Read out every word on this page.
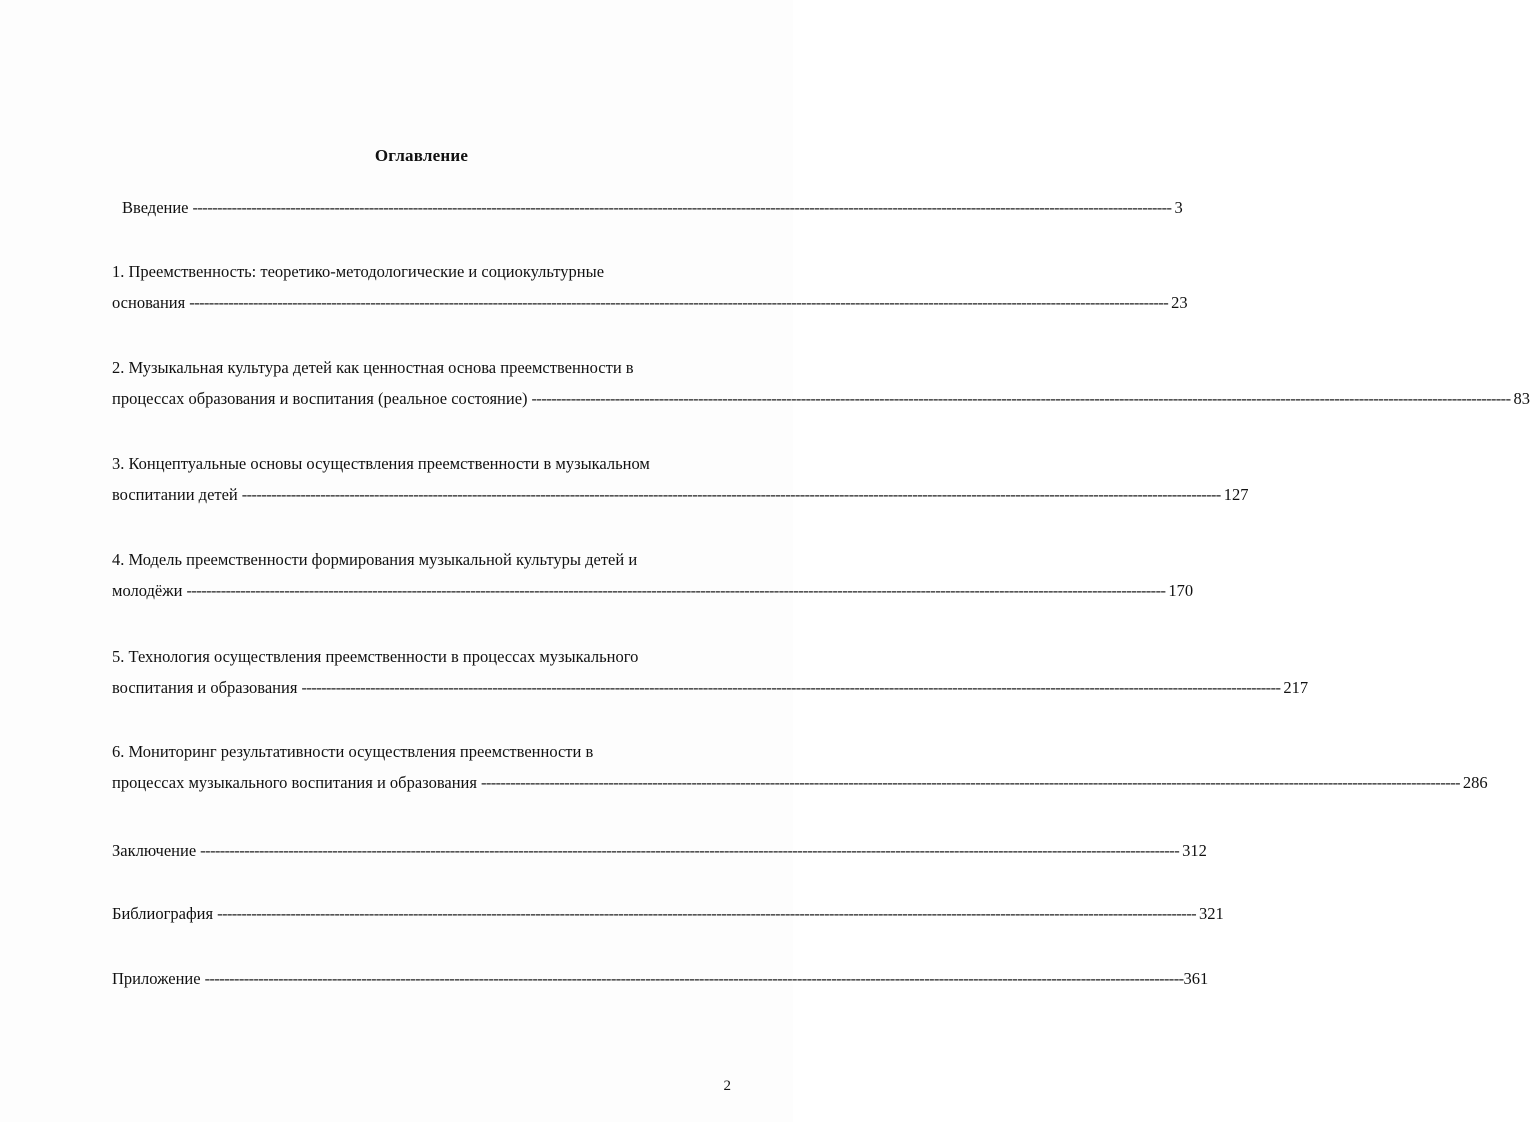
Оглавление
Введение -------------------------------------------------------------------------------------------------------------------------------------------------------------------------------------------------------- 3
1. Преемственность: теоретико-методологические и социокультурные
основания -------------------------------------------------------------------------------------------------------------------------------------------------------------------------------------------------------- 23
2. Музыкальная культура детей как ценностная основа преемственности в
процессах образования и воспитания (реальное состояние) -------------------------------------------------------------------------------------------------------------------------------------------------------------------------------------------------------- 83
3. Концептуальные основы осуществления преемственности в музыкальном
воспитании детей -------------------------------------------------------------------------------------------------------------------------------------------------------------------------------------------------------- 127
4. Модель преемственности формирования музыкальной культуры детей и
молодёжи -------------------------------------------------------------------------------------------------------------------------------------------------------------------------------------------------------- 170
5. Технология осуществления преемственности в процессах музыкального
воспитания и образования -------------------------------------------------------------------------------------------------------------------------------------------------------------------------------------------------------- 217
6. Мониторинг результативности осуществления преемственности в
процессах музыкального воспитания и образования -------------------------------------------------------------------------------------------------------------------------------------------------------------------------------------------------------- 286
Заключение -------------------------------------------------------------------------------------------------------------------------------------------------------------------------------------------------------- 312
Библиография -------------------------------------------------------------------------------------------------------------------------------------------------------------------------------------------------------- 321
Приложение -------------------------------------------------------------------------------------------------------------------------------------------------------------------------------------------------------- 361
2
